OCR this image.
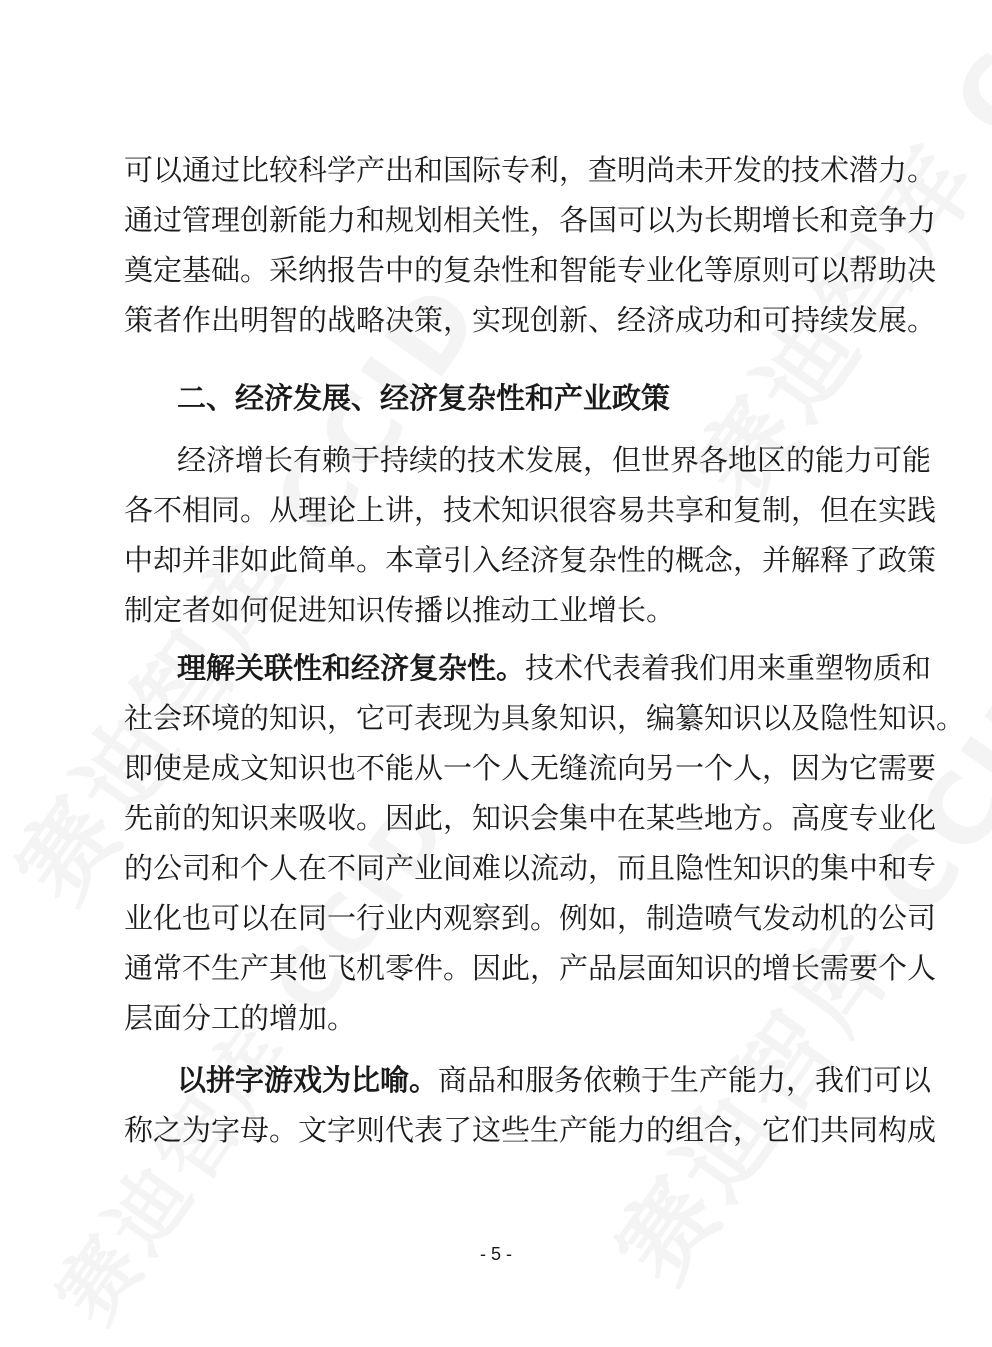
可以通过比较科学产出和国际专利，查明尚未开发的技术潜力。
通过管理创新能力和规划相关性，各国可以为长期增长和竞争力
奠定基础。采纳报告中的复杂性和智能专业化等原则可以帮助决
策者作出明智的战略决策，实现创新、经济成功和可持续发展。
二、经济发展、经济复杂性和产业政策
经济增长有赖于持续的技术发展，但世界各地区的能力可能
各不相同。从理论上讲，技术知识很容易共享和复制，但在实践
中却并非如此简单。本章引入经济复杂性的概念，并解释了政策
制定者如何促进知识传播以推动工业增长。
理解关联性和经济复杂性。技术代表着我们用来重塑物质和
社会环境的知识，它可表现为具象知识，编纂知识以及隐性知识。
即使是成文知识也不能从一个人无缝流向另一个人，因为它需要
先前的知识来吸收。因此，知识会集中在某些地方。高度专业化
的公司和个人在不同产业间难以流动，而且隐性知识的集中和专
业化也可以在同一行业内观察到。例如，制造喷气发动机的公司
通常不生产其他飞机零件。因此，产品层面知识的增长需要个人
层面分工的增加。
以拼字游戏为比喻。商品和服务依赖于生产能力，我们可以
称之为字母。文字则代表了这些生产能力的组合，它们共同构成
- 5 -
